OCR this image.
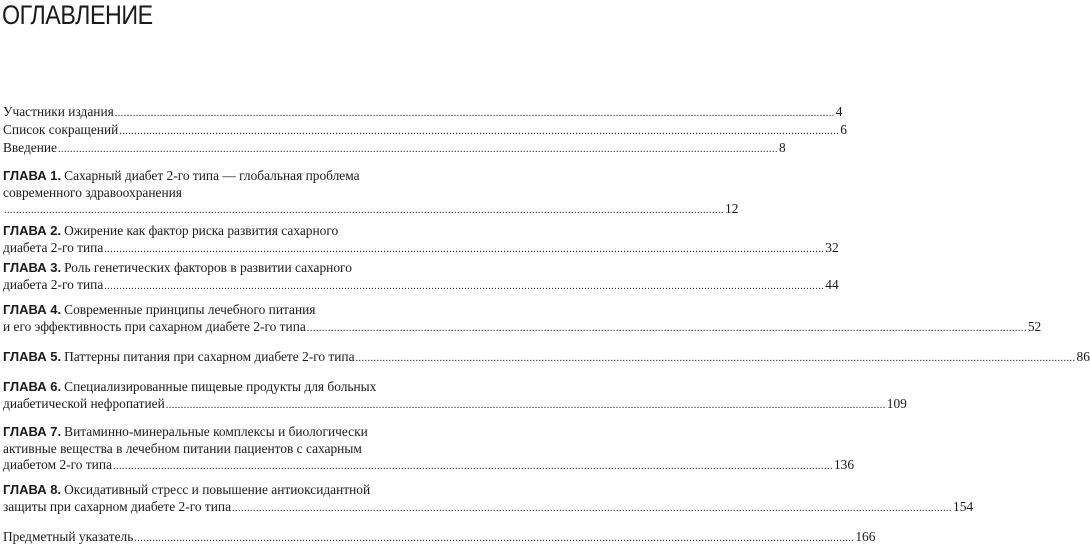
ОГЛАВЛЕНИЕ
Участники издания ................................................................................................................................................................................................................................................ 4
Список сокращений ................................................................................................................................................................................................................................................ 6
Введение ................................................................................................................................................................................................................................................ 8
ГЛАВА 1. Сахарный диабет 2-го типа — глобальная проблема
современного здравоохранения
................................................................................................................................................................................................................................................ 12
ГЛАВА 2. Ожирение как фактор риска развития сахарного
диабета 2-го типа ................................................................................................................................................................................................................................................ 32
ГЛАВА 3. Роль генетических факторов в развитии сахарного
диабета 2-го типа ................................................................................................................................................................................................................................................ 44
ГЛАВА 4. Современные принципы лечебного питания
и его эффективность при сахарном диабете 2-го типа ................................................................................................................................................................................................................................................ 52
ГЛАВА 5. Паттерны питания при сахарном диабете 2-го типа ................................................................................................................................................................................................................................................ 86
ГЛАВА 6. Специализированные пищевые продукты для больных
диабетической нефропатией ................................................................................................................................................................................................................................................ 109
ГЛАВА 7. Витаминно-минеральные комплексы и биологически
активные вещества в лечебном питании пациентов с сахарным
диабетом 2-го типа ................................................................................................................................................................................................................................................ 136
ГЛАВА 8. Оксидативный стресс и повышение антиоксидантной
защиты при сахарном диабете 2-го типа ................................................................................................................................................................................................................................................ 154
Предметный указатель ................................................................................................................................................................................................................................................ 166
